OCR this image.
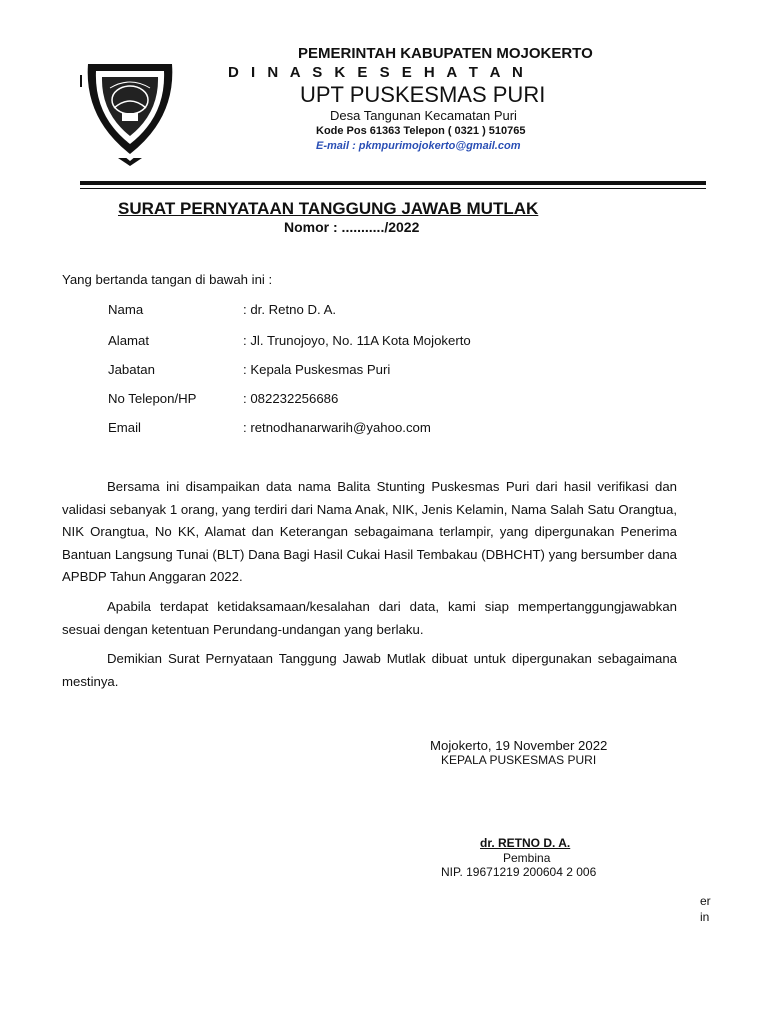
PEMERINTAH KABUPATEN MOJOKERTO
D I N A S K E S E H A T A N
UPT PUSKESMAS PURI
Desa Tangunan Kecamatan Puri
Kode Pos 61363 Telepon ( 0321 ) 510765
E-mail : pkmpurimojokerto@gmail.com
SURAT PERNYATAAN TANGGUNG JAWAB MUTLAK
Nomor : .........../2022
Yang bertanda tangan di bawah ini :
Nama	: dr. Retno D. A.
Alamat	: Jl. Trunojoyo, No. 11A Kota Mojokerto
Jabatan	: Kepala Puskesmas Puri
No Telepon/HP	: 082232256686
Email	: retnodhanarwarih@yahoo.com
Bersama ini disampaikan data nama Balita Stunting Puskesmas Puri dari hasil verifikasi dan validasi sebanyak 1 orang, yang terdiri dari Nama Anak, NIK, Jenis Kelamin, Nama Salah Satu Orangtua, NIK Orangtua, No KK, Alamat dan Keterangan sebagaimana terlampir, yang dipergunakan Penerima Bantuan Langsung Tunai (BLT) Dana Bagi Hasil Cukai Hasil Tembakau (DBHCHT) yang bersumber dana APBDP Tahun Anggaran 2022.
Apabila terdapat ketidaksamaan/kesalahan dari data, kami siap mempertanggungjawabkan sesuai dengan ketentuan Perundang-undangan yang berlaku.
Demikian Surat Pernyataan Tanggung Jawab Mutlak dibuat untuk dipergunakan sebagaimana mestinya.
Mojokerto, 19 November 2022
KEPALA PUSKESMAS PURI
dr. RETNO D. A.
Pembina
NIP. 19671219 200604 2 006
er
in
